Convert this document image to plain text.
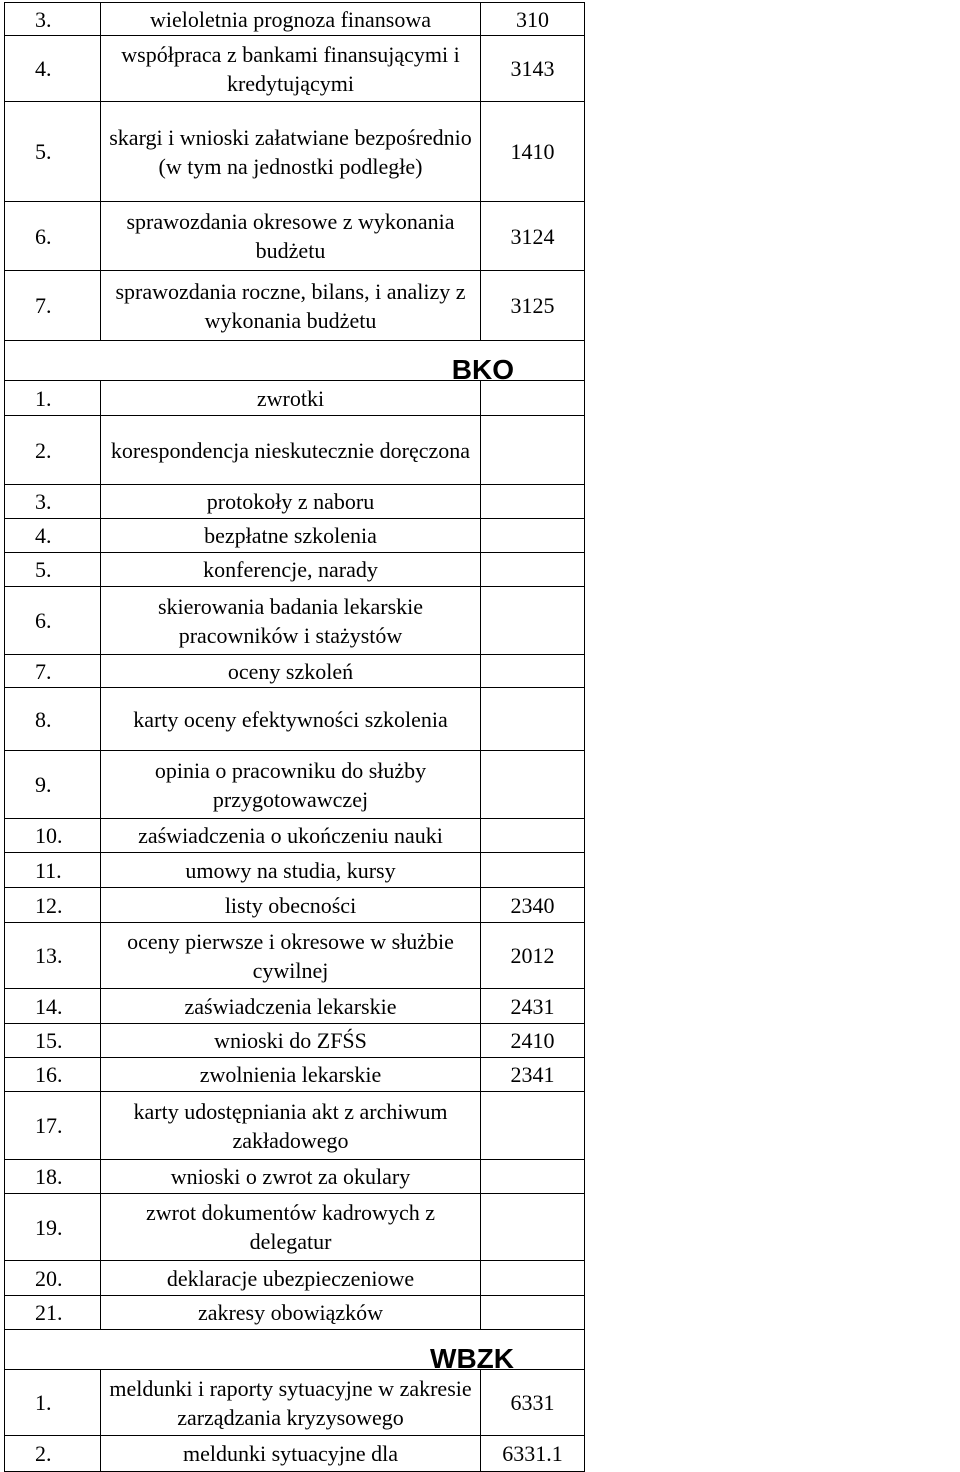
3.	wieloletnia prognoza finansowa	310	
4.	współpraca z bankami finansującymi i kredytującymi	3143	
5.	skargi i wnioski załatwiane bezpośrednio (w tym na jednostki podległe)	1410	
6.	sprawozdania okresowe z wykonania budżetu	3124	
7.	sprawozdania roczne, bilans, i analizy z wykonania budżetu	3125	
BKO			
1.	zwrotki		
2.	korespondencja nieskutecznie doręczona		
3.	protokoły z naboru		
4.	bezpłatne szkolenia		
5.	konferencje, narady		
6.	skierowania badania lekarskie pracowników i stażystów		
7.	oceny szkoleń		
8.	karty oceny efektywności szkolenia		
9.	opinia o pracowniku do służby przygotowawczej		
10.	zaświadczenia o ukończeniu nauki		
11.	umowy na studia, kursy		
12.	listy obecności	2340	
13.	oceny pierwsze i okresowe w służbie cywilnej	2012	
14.	zaświadczenia lekarskie	2431	
15.	wnioski do ZFŚS	2410	
16.	zwolnienia lekarskie	2341	
17.	karty udostępniania akt z archiwum zakładowego		
18.	wnioski o zwrot za okulary		
19.	zwrot dokumentów kadrowych z delegatur		
20.	deklaracje ubezpieczeniowe		
21.	zakresy obowiązków		
WBZK			
1.	meldunki i raporty sytuacyjne w zakresie zarządzania kryzysowego	6331	
2.	meldunki sytuacyjne dla	6331.1	
